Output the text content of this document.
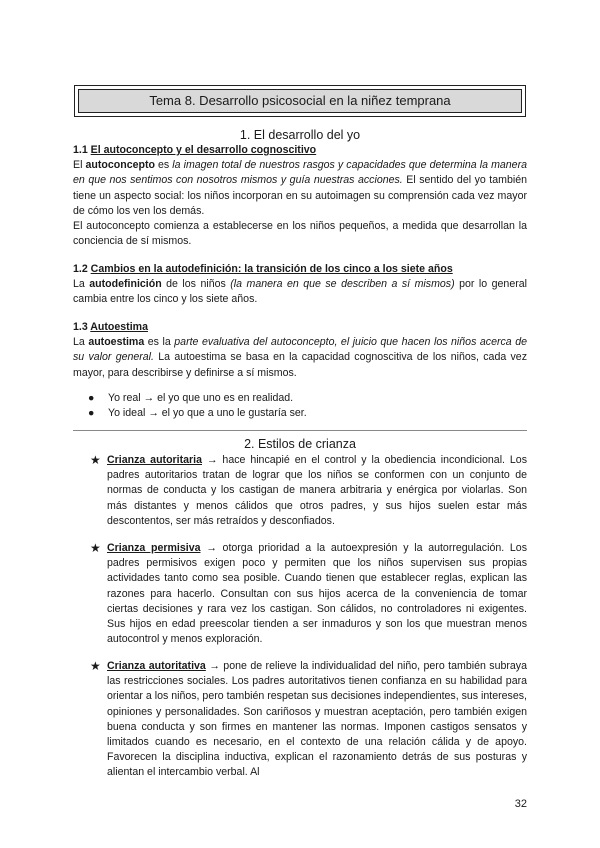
Tema 8. Desarrollo psicosocial en la niñez temprana
1. El desarrollo del yo
1.1 El autoconcepto y el desarrollo cognoscitivo
El autoconcepto es la imagen total de nuestros rasgos y capacidades que determina la manera en que nos sentimos con nosotros mismos y guía nuestras acciones. El sentido del yo también tiene un aspecto social: los niños incorporan en su autoimagen su comprensión cada vez mayor de cómo los ven los demás.
El autoconcepto comienza a establecerse en los niños pequeños, a medida que desarrollan la conciencia de sí mismos.
1.2 Cambios en la autodefinición: la transición de los cinco a los siete años
La autodefinición de los niños (la manera en que se describen a sí mismos) por lo general cambia entre los cinco y los siete años.
1.3 Autoestima
La autoestima es la parte evaluativa del autoconcepto, el juicio que hacen los niños acerca de su valor general. La autoestima se basa en la capacidad cognoscitiva de los niños, cada vez mayor, para describirse y definirse a sí mismos.
● Yo real → el yo que uno es en realidad.
● Yo ideal → el yo que a uno le gustaría ser.
2. Estilos de crianza
★ Crianza autoritaria → hace hincapié en el control y la obediencia incondicional. Los padres autoritarios tratan de lograr que los niños se conformen con un conjunto de normas de conducta y los castigan de manera arbitraria y enérgica por violarlas. Son más distantes y menos cálidos que otros padres, y sus hijos suelen estar más descontentos, ser más retraídos y desconfiados.
★ Crianza permisiva → otorga prioridad a la autoexpresión y la autorregulación. Los padres permisivos exigen poco y permiten que los niños supervisen sus propias actividades tanto como sea posible. Cuando tienen que establecer reglas, explican las razones para hacerlo. Consultan con sus hijos acerca de la conveniencia de tomar ciertas decisiones y rara vez los castigan. Son cálidos, no controladores ni exigentes. Sus hijos en edad preescolar tienden a ser inmaduros y son los que muestran menos autocontrol y menos exploración.
★ Crianza autoritativa → pone de relieve la individualidad del niño, pero también subraya las restricciones sociales. Los padres autoritativos tienen confianza en su habilidad para orientar a los niños, pero también respetan sus decisiones independientes, sus intereses, opiniones y personalidades. Son cariñosos y muestran aceptación, pero también exigen buena conducta y son firmes en mantener las normas. Imponen castigos sensatos y limitados cuando es necesario, en el contexto de una relación cálida y de apoyo. Favorecen la disciplina inductiva, explican el razonamiento detrás de sus posturas y alientan el intercambio verbal. Al
32
